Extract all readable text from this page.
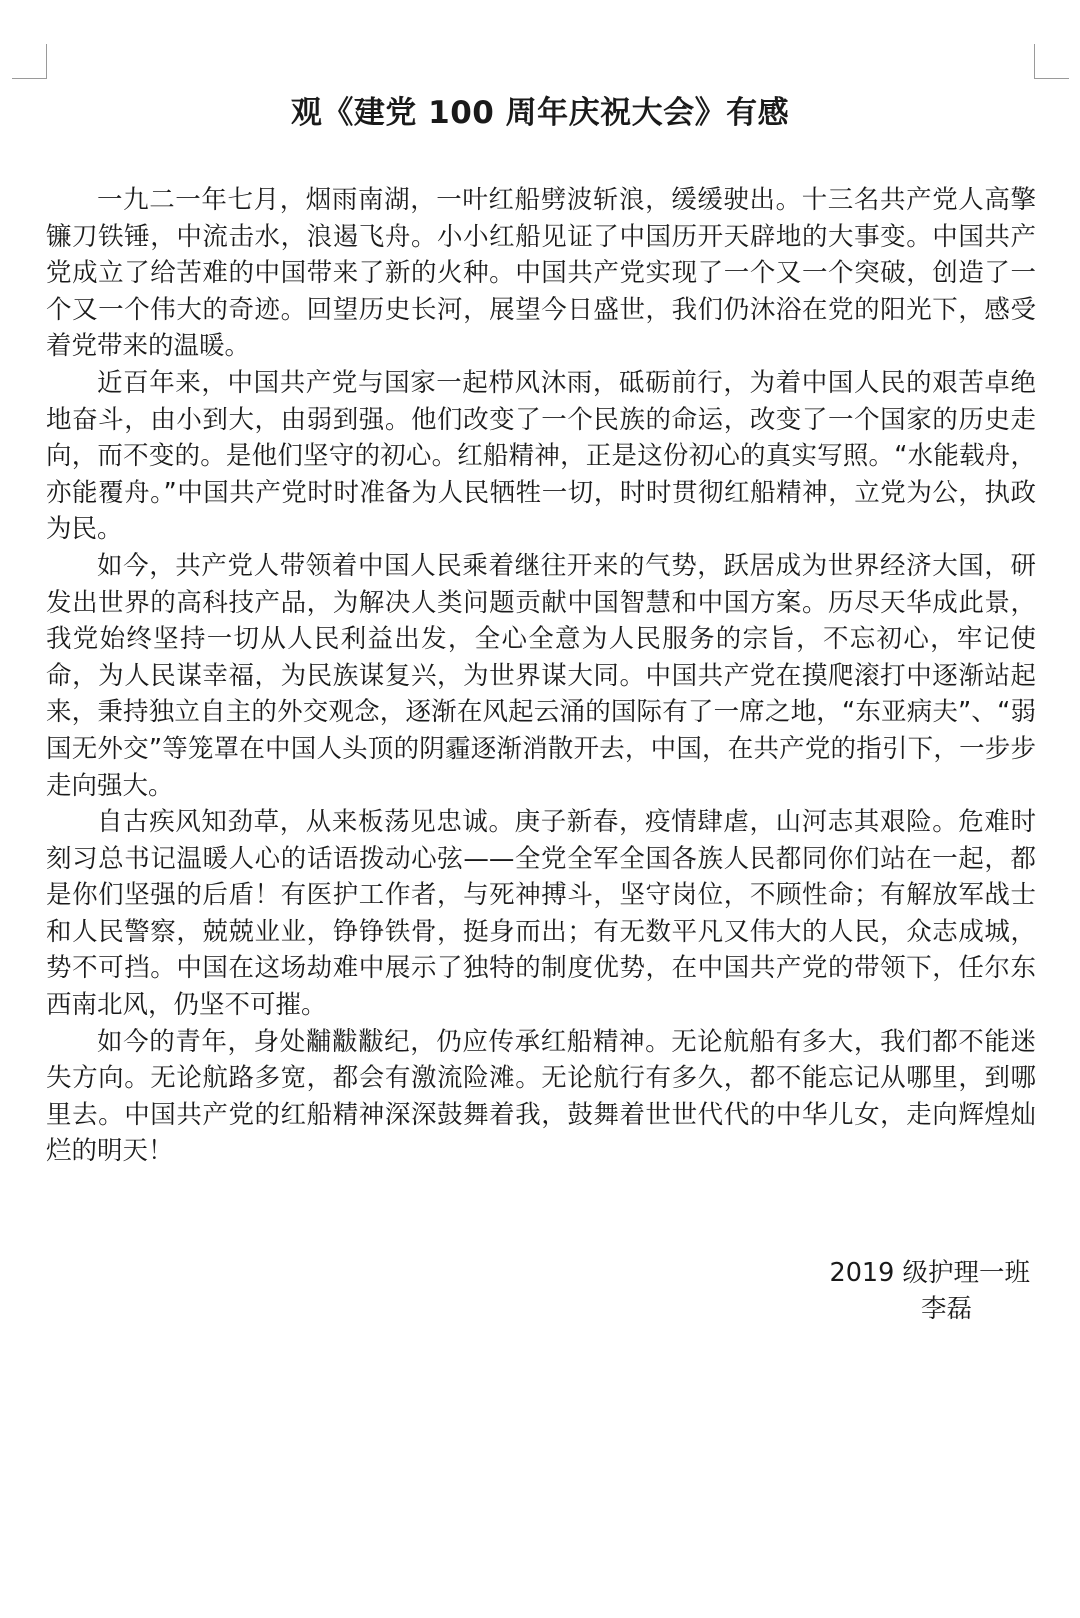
观《建党 100 周年庆祝大会》有感

一九二一年七月，烟雨南湖，一叶红船劈波斩浪，缓缓驶出。十三名共产党人高擎镰刀铁锤，中流击水，浪遏飞舟。小小红船见证了中国历开天辟地的大事变。中国共产党成立了给苦难的中国带来了新的火种。中国共产党实现了一个又一个突破，创造了一个又一个伟大的奇迹。回望历史长河，展望今日盛世，我们仍沐浴在党的阳光下，感受着党带来的温暖。

近百年来，中国共产党与国家一起栉风沐雨，砥砺前行，为着中国人民的艰苦卓绝地奋斗，由小到大，由弱到强。他们改变了一个民族的命运，改变了一个国家的历史走向，而不变的。是他们坚守的初心。红船精神，正是这份初心的真实写照。“水能载舟，亦能覆舟。”中国共产党时时准备为人民牺牲一切，时时贯彻红船精神，立党为公，执政为民。

如今，共产党人带领着中国人民乘着继往开来的气势，跃居成为世界经济大国，研发出世界的高科技产品，为解决人类问题贡献中国智慧和中国方案。历尽天华成此景，我党始终坚持一切从人民利益出发，全心全意为人民服务的宗旨，不忘初心，牢记使命，为人民谋幸福，为民族谋复兴，为世界谋大同。中国共产党在摸爬滚打中逐渐站起来，秉持独立自主的外交观念，逐渐在风起云涌的国际有了一席之地，“东亚病夫”、“弱国无外交”等笼罩在中国人头顶的阴霾逐渐消散开去，中国，在共产党的指引下，一步步走向强大。

自古疾风知劲草，从来板荡见忠诚。庚子新春，疫情肆虐，山河志其艰险。危难时刻习总书记温暖人心的话语拨动心弦——全党全军全国各族人民都同你们站在一起，都是你们坚强的后盾！有医护工作者，与死神搏斗，坚守岗位，不顾性命；有解放军战士和人民警察，兢兢业业，铮铮铁骨，挺身而出；有无数平凡又伟大的人民，众志成城，势不可挡。中国在这场劫难中展示了独特的制度优势，在中国共产党的带领下，任尔东西南北风，仍坚不可摧。

如今的青年，身处黼黻黻纪，仍应传承红船精神。无论航船有多大，我们都不能迷失方向。无论航路多宽，都会有激流险滩。无论航行有多久，都不能忘记从哪里，到哪里去。中国共产党的红船精神深深鼓舞着我，鼓舞着世世代代的中华儿女，走向辉煌灿烂的明天！

2019 级护理一班
李磊
